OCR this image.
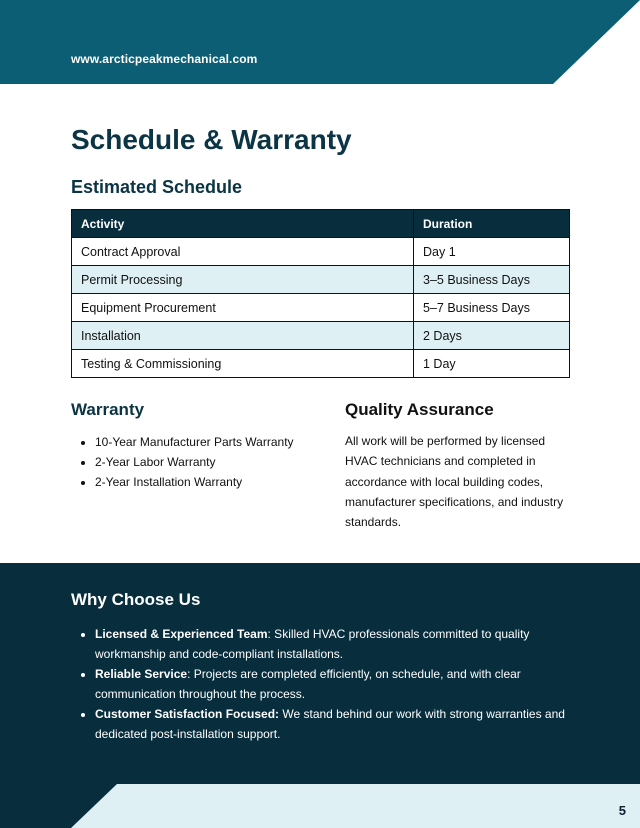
www.arcticpeakmechanical.com
Schedule & Warranty
Estimated Schedule
Activity	Duration
Contract Approval	Day 1
Permit Processing	3–5 Business Days
Equipment Procurement	5–7 Business Days
Installation	2 Days
Testing & Commissioning	1 Day
Warranty
• 10-Year Manufacturer Parts Warranty
• 2-Year Labor Warranty
• 2-Year Installation Warranty
Quality Assurance

All work will be performed by licensed HVAC technicians and completed in accordance with local building codes, manufacturer specifications, and industry standards.

Why Choose Us
• Licensed & Experienced Team: Skilled HVAC professionals committed to quality workmanship and code-compliant installations.
• Reliable Service: Projects are completed efficiently, on schedule, and with clear communication throughout the process.
• Customer Satisfaction Focused: We stand behind our work with strong warranties and dedicated post-installation support.
5
